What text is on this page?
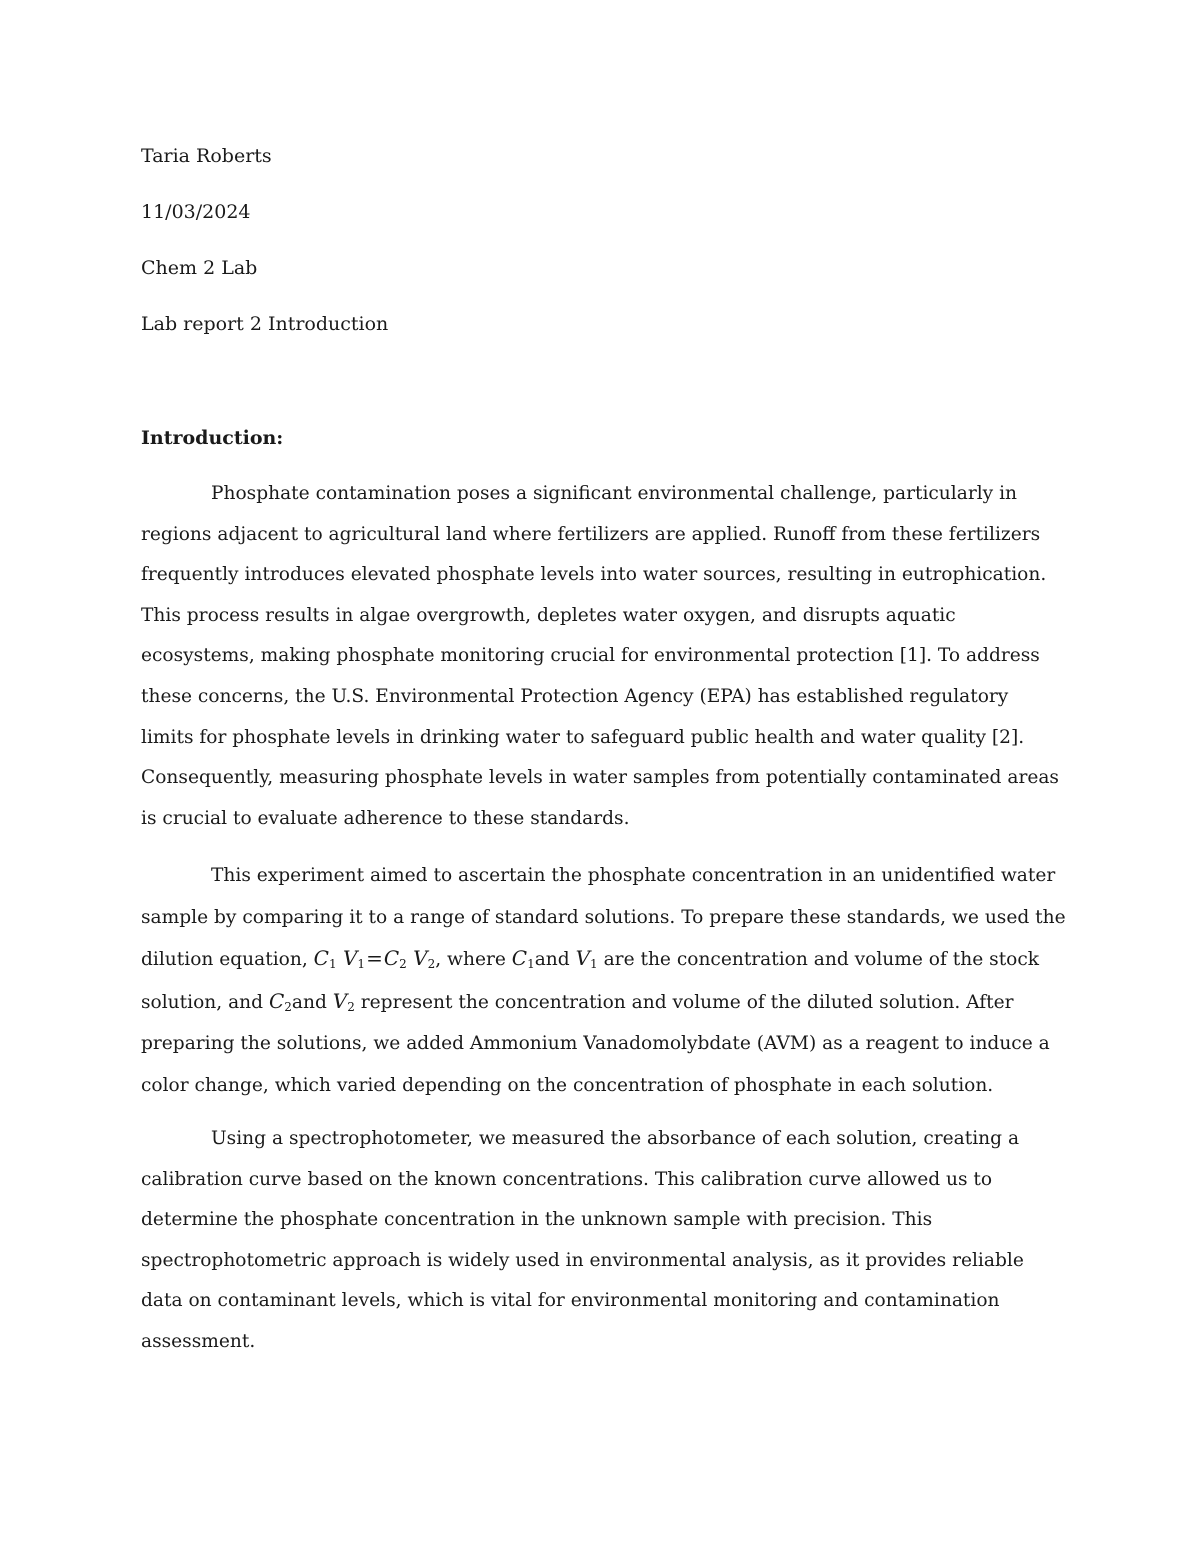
Taria Roberts
11/03/2024
Chem 2 Lab
Lab report 2 Introduction
Introduction:
Phosphate contamination poses a significant environmental challenge, particularly in
regions adjacent to agricultural land where fertilizers are applied. Runoff from these fertilizers
frequently introduces elevated phosphate levels into water sources, resulting in eutrophication.
This process results in algae overgrowth, depletes water oxygen, and disrupts aquatic
ecosystems, making phosphate monitoring crucial for environmental protection [1]. To address
these concerns, the U.S. Environmental Protection Agency (EPA) has established regulatory
limits for phosphate levels in drinking water to safeguard public health and water quality [2].
Consequently, measuring phosphate levels in water samples from potentially contaminated areas
is crucial to evaluate adherence to these standards.
This experiment aimed to ascertain the phosphate concentration in an unidentified water
sample by comparing it to a range of standard solutions. To prepare these standards, we used the
dilution equation, $C_1$ $V_1=C_2$ $V_2$, where $C_1and$ $V_1$ are the concentration and volume of the stock
solution, and $C_2and$ $V_2$ represent the concentration and volume of the diluted solution. After
preparing the solutions, we added Ammonium Vanadomolybdate (AVM) as a reagent to induce a
color change, which varied depending on the concentration of phosphate in each solution.
Using a spectrophotometer, we measured the absorbance of each solution, creating a
calibration curve based on the known concentrations. This calibration curve allowed us to
determine the phosphate concentration in the unknown sample with precision. This
spectrophotometric approach is widely used in environmental analysis, as it provides reliable
data on contaminant levels, which is vital for environmental monitoring and contamination
assessment.
